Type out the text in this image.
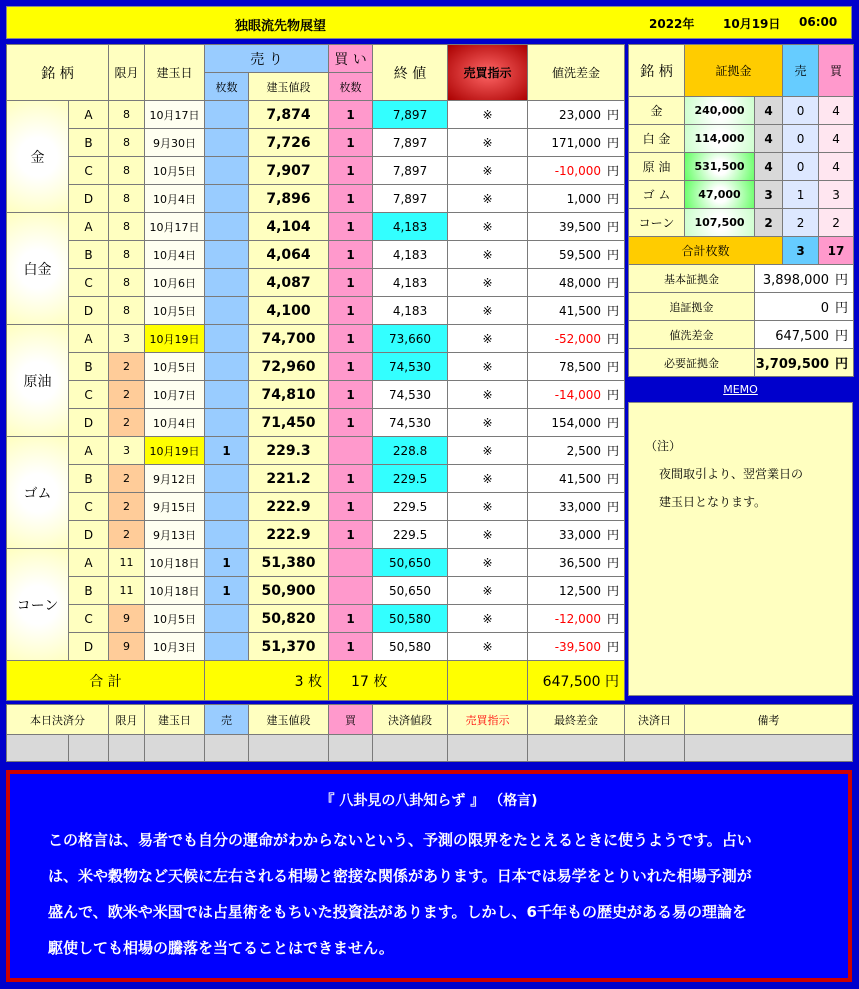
独眼流先物展望	2022年 10月19日 06:00
銘 柄		限月	建玉日	売 り		買 い	終 値	売買指示	値洗差金
				枚数	建玉値段	枚数			
金	A	8	10月17日		7,874	1	7,897	※	23,000 円
	B	8	9月30日		7,726	1	7,897	※	171,000 円
	C	8	10月5日		7,907	1	7,897	※	-10,000 円
	D	8	10月4日		7,896	1	7,897	※	1,000 円
白金	A	8	10月17日		4,104	1	4,183	※	39,500 円
	B	8	10月4日		4,064	1	4,183	※	59,500 円
	C	8	10月6日		4,087	1	4,183	※	48,000 円
	D	8	10月5日		4,100	1	4,183	※	41,500 円
原油	A	3	10月19日		74,700	1	73,660	※	-52,000 円
	B	2	10月5日		72,960	1	74,530	※	78,500 円
	C	2	10月7日		74,810	1	74,530	※	-14,000 円
	D	2	10月4日		71,450	1	74,530	※	154,000 円
ゴム	A	3	10月19日	1	229.3		228.8	※	2,500 円
	B	2	9月12日		221.2	1	229.5	※	41,500 円
	C	2	9月15日		222.9	1	229.5	※	33,000 円
	D	2	9月13日		222.9	1	229.5	※	33,000 円
コーン	A	11	10月18日	1	51,380		50,650	※	36,500 円
	B	11	10月18日	1	50,900		50,650	※	12,500 円
	C	9	10月5日		50,820	1	50,580	※	-12,000 円
	D	9	10月3日		51,370	1	50,580	※	-39,500 円
合 計				3 枚		17 枚			647,500 円
銘 柄	証拠金		売	買
金	240,000	4	0	4
白 金	114,000	4	0	4
原 油	531,500	4	0	4
ゴ ム	47,000	3	1	3
コーン	107,500	2	2	2
合計枚数			3	17
基本証拠金		3,898,000 円		
追証拠金		0 円		
値洗差金		647,500 円		
必要証拠金		3,709,500 円		
MEMO
（注）
夜間取引より、翌営業日の
建玉日となります。
本日決済分		限月	建玉日	売	建玉値段	買	決済値段	売買指示	最終差金	決済日	備考

『 八卦見の八卦知らず 』 （格言)
この格言は、易者でも自分の運命がわからないという、予測の限界をたとえるときに使うようです。占い
は、米や穀物など天候に左右される相場と密接な関係があります。日本では易学をとりいれた相場予測が
盛んで、欧米や米国では占星術をもちいた投資法があります。しかし、6千年もの歴史がある易の理論を
駆使しても相場の騰落を当てることはできません。
